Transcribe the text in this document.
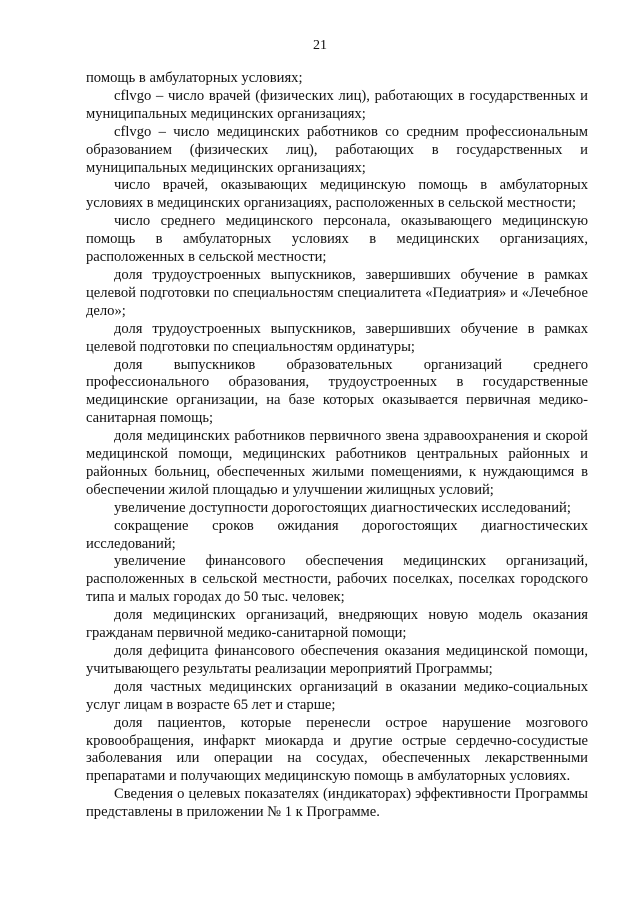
21

помощь в амбулаторных условиях;

cflvgo – число врачей (физических лиц), работающих в государственных и муниципальных медицинских организациях;

cflvgo – число медицинских работников со средним профессиональным образованием (физических лиц), работающих в государственных и муниципальных медицинских организациях;

число врачей, оказывающих медицинскую помощь в амбулаторных условиях в медицинских организациях, расположенных в сельской местности;

число среднего медицинского персонала, оказывающего медицинскую помощь в амбулаторных условиях в медицинских организациях, расположенных в сельской местности;

доля трудоустроенных выпускников, завершивших обучение в рамках целевой подготовки по специальностям специалитета «Педиатрия» и «Лечебное дело»;

доля трудоустроенных выпускников, завершивших обучение в рамках целевой подготовки по специальностям ординатуры;

доля выпускников образовательных организаций среднего профессионального образования, трудоустроенных в государственные медицинские организации, на базе которых оказывается первичная медико-санитарная помощь;

доля медицинских работников первичного звена здравоохранения и скорой медицинской помощи, медицинских работников центральных районных и районных больниц, обеспеченных жилыми помещениями, к нуждающимся в обеспечении жилой площадью и улучшении жилищных условий;

увеличение доступности дорогостоящих диагностических исследований;

сокращение сроков ожидания дорогостоящих диагностических исследований;

увеличение финансового обеспечения медицинских организаций, расположенных в сельской местности, рабочих поселках, поселках городского типа и малых городах до 50 тыс. человек;

доля медицинских организаций, внедряющих новую модель оказания гражданам первичной медико-санитарной помощи;

доля дефицита финансового обеспечения оказания медицинской помощи, учитывающего результаты реализации мероприятий Программы;

доля частных медицинских организаций в оказании медико-социальных услуг лицам в возрасте 65 лет и старше;

доля пациентов, которые перенесли острое нарушение мозгового кровообращения, инфаркт миокарда и другие острые сердечно-сосудистые заболевания или операции на сосудах, обеспеченных лекарственными препаратами и получающих медицинскую помощь в амбулаторных условиях.

Сведения о целевых показателях (индикаторах) эффективности Программы представлены в приложении № 1 к Программе.
